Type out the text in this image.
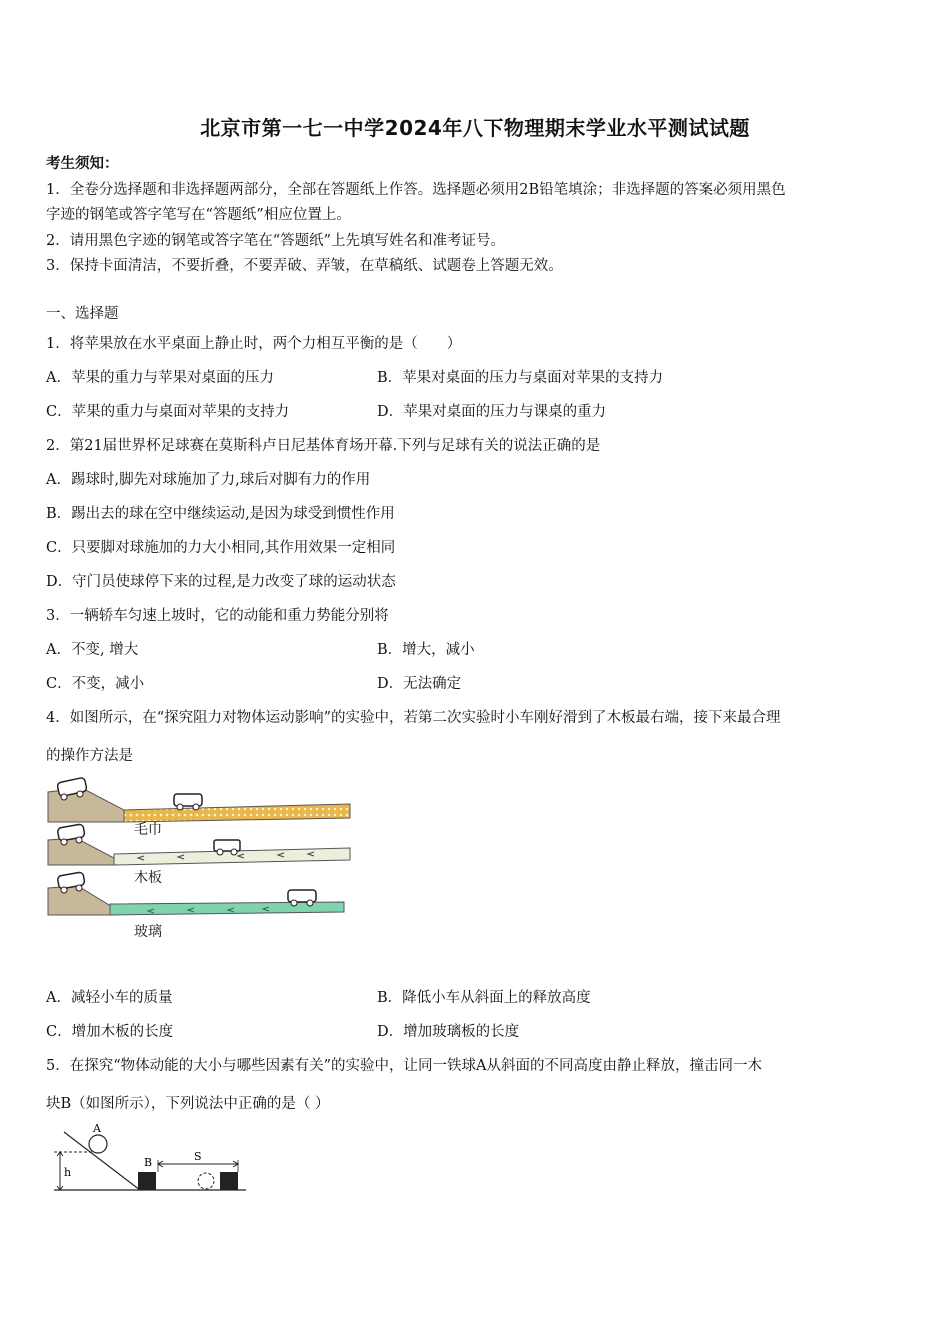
北京市第一七一中学2024年八下物理期末学业水平测试试题
考生须知：
1．全卷分选择题和非选择题两部分，全部在答题纸上作答。选择题必须用2B铅笔填涂；非选择题的答案必须用黑色
字迹的钢笔或答字笔写在“答题纸”相应位置上。
2．请用黑色字迹的钢笔或答字笔在“答题纸”上先填写姓名和准考证号。
3．保持卡面清洁，不要折叠，不要弄破、弄皱，在草稿纸、试题卷上答题无效。
一、选择题
1．将苹果放在水平桌面上静止时，两个力相互平衡的是（　　）
A．苹果的重力与苹果对桌面的压力	B．苹果对桌面的压力与桌面对苹果的支持力
C．苹果的重力与桌面对苹果的支持力	D．苹果对桌面的压力与课桌的重力
2．第21届世界杯足球赛在莫斯科卢日尼基体育场开幕.下列与足球有关的说法正确的是
A．踢球时,脚先对球施加了力,球后对脚有力的作用
B．踢出去的球在空中继续运动,是因为球受到惯性作用
C．只要脚对球施加的力大小相同,其作用效果一定相同
D．守门员使球停下来的过程,是力改变了球的运动状态
3．一辆轿车匀速上坡时，它的动能和重力势能分别将
A．不变, 增大	B．增大，减小
C．不变，减小	D．无法确定
4．如图所示，在“探究阻力对物体运动影响”的实验中，若第二次实验时小车刚好滑到了木板最右端，接下来最合理
的操作方法是
毛巾
木板
玻璃
A．减轻小车的质量	B．降低小车从斜面上的释放高度
C．增加木板的长度	D．增加玻璃板的长度
5．在探究“物体动能的大小与哪些因素有关”的实验中，让同一铁球A从斜面的不同高度由静止释放，撞击同一木
块B（如图所示），下列说法中正确的是（ ）
A
B	S
h
